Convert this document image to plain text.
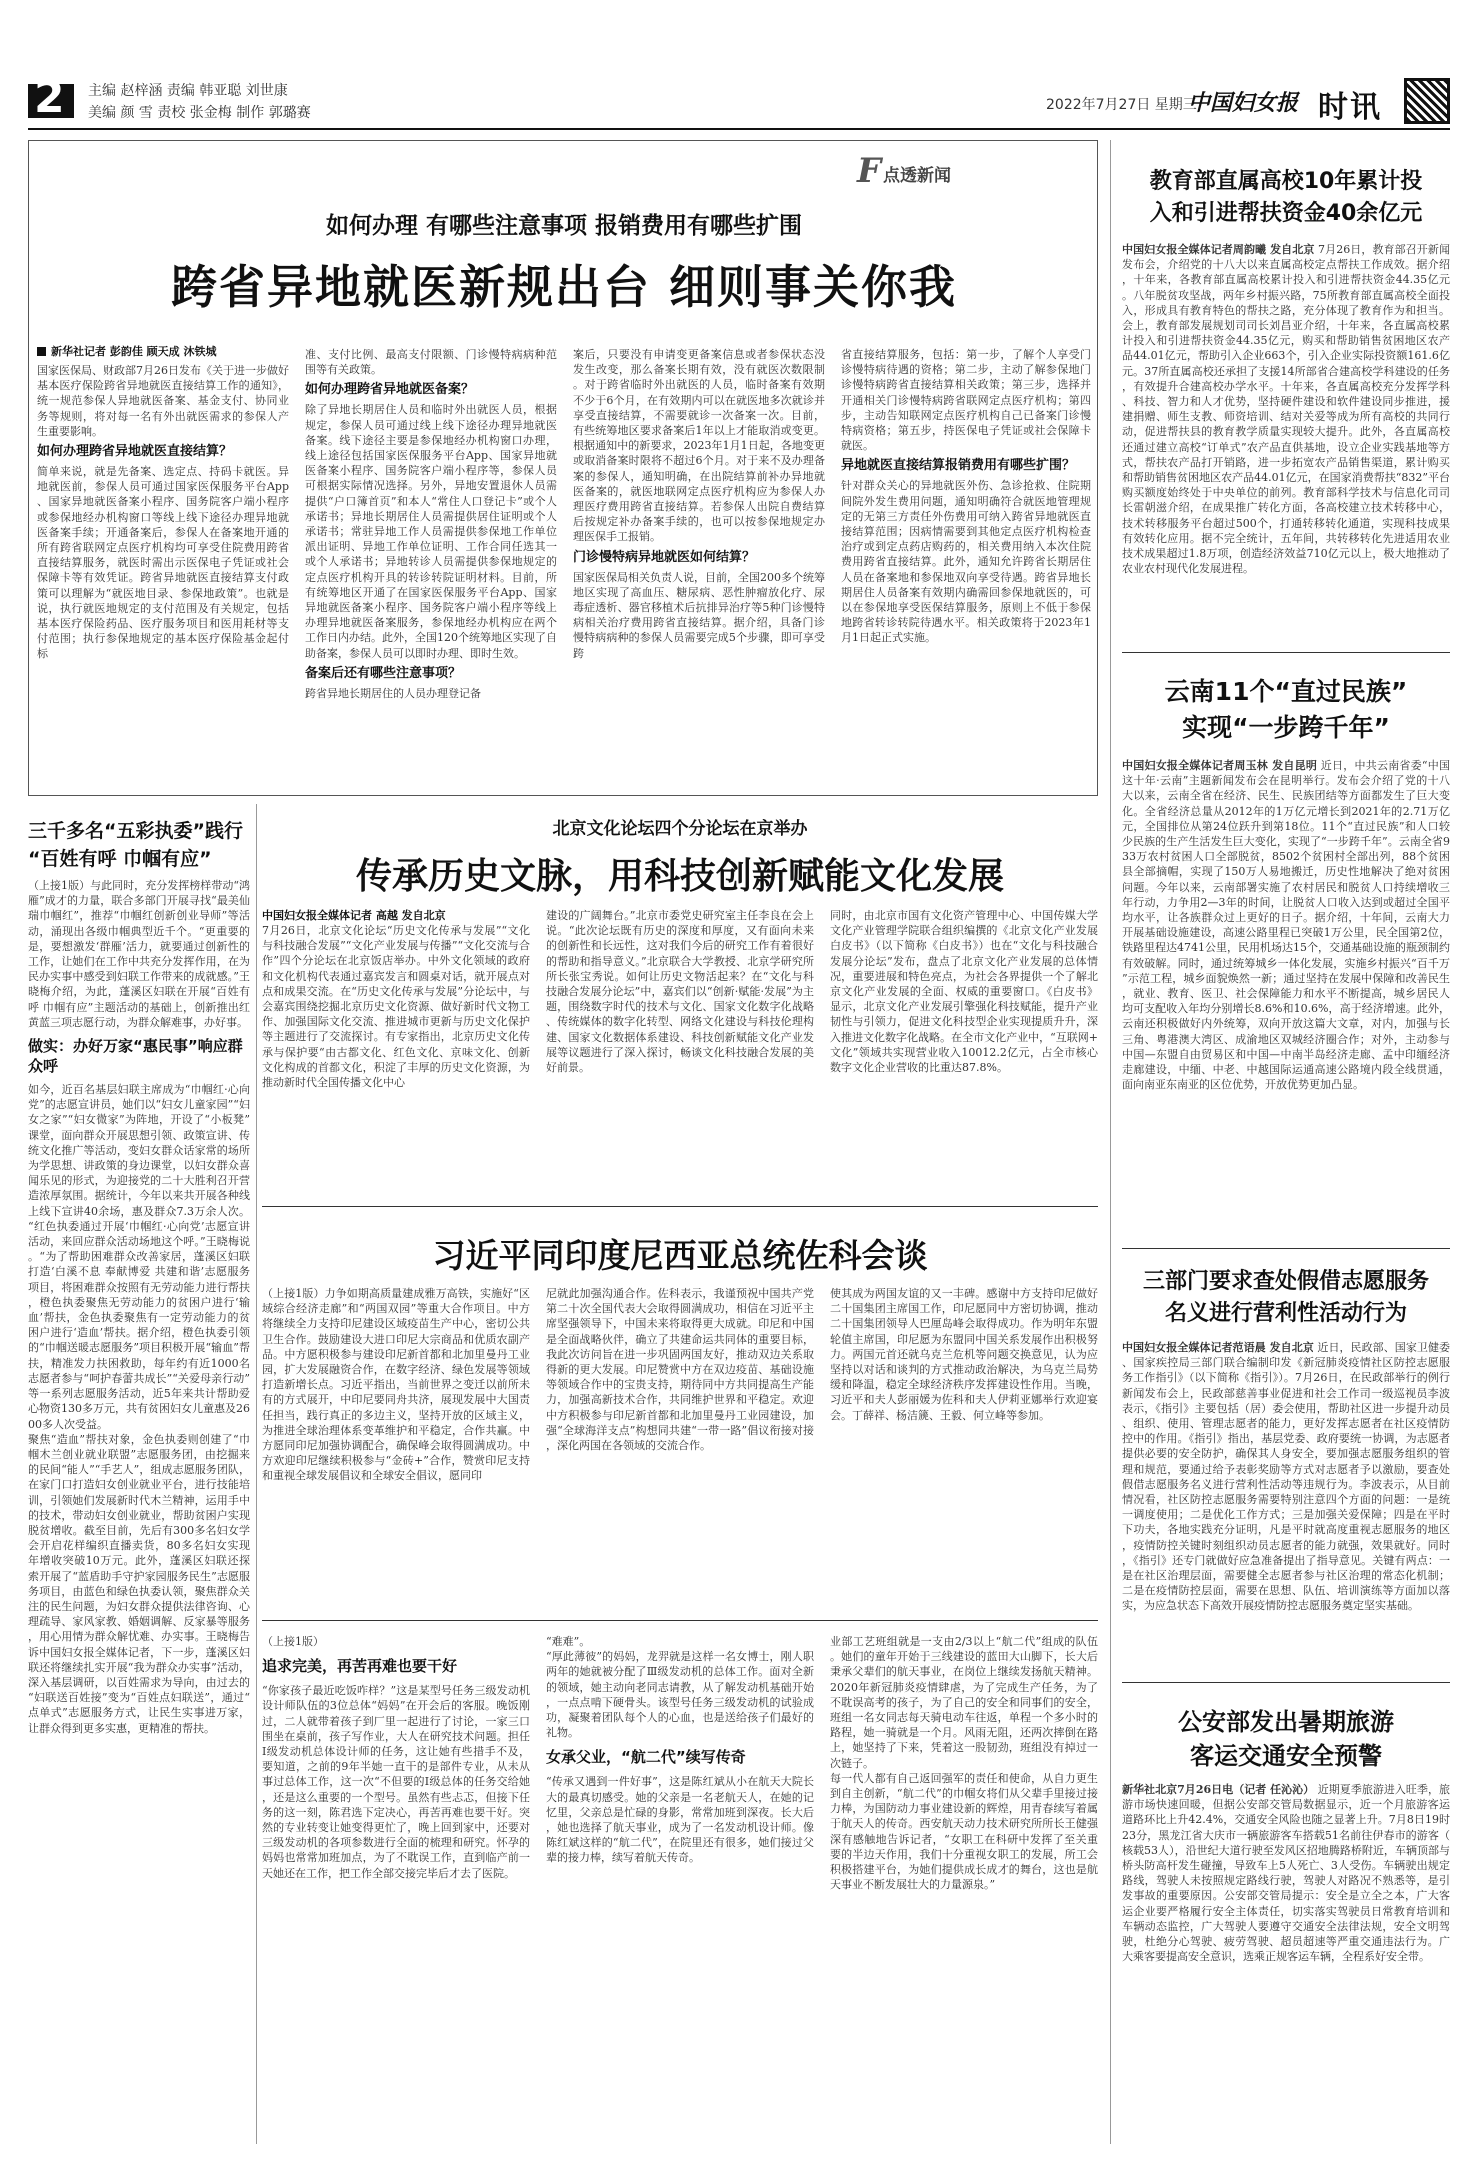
2 主编 赵梓涵 责编 韩亚聪 刘世康
美编 颜 雪 责校 张金梅 制作 郭璐赛	2022年7月27日 星期三
中国妇女报 时讯
F 点透新闻
如何办理 有哪些注意事项 报销费用有哪些扩围
跨省异地就医新规出台 细则事关你我
新华社记者 彭韵佳 顾天成 沐铁城

国家医保局、财政部7月26日发布《关于进一步做好基本医疗保险跨省异地就医直接结算工作的通知》，统一规范参保人异地就医备案、基金支付、协同业务等规则，将对每一名有外出就医需求的参保人产生重要影响。

如何办理跨省异地就医直接结算？

简单来说，就是先备案、选定点、持码卡就医。异地就医前，参保人员可通过国家医保服务平台App、国家异地就医备案小程序、国务院客户端小程序或参保地经办机构窗口等线上线下途径办理异地就医备案手续；开通备案后，参保人在备案地开通的所有跨省联网定点医疗机构均可享受住院费用跨省直接结算服务，就医时需出示医保电子凭证或社会保障卡等有效凭证。跨省异地就医直接结算支付政策可以理解为“就医地目录、参保地政策”。也就是说，执行就医地规定的支付范围及有关规定，包括基本医疗保险药品、医疗服务项目和医用耗材等支付范围；执行参保地规定的基本医疗保险基金起付标

准、支付比例、最高支付限额、门诊慢特病病种范围等有关政策。

如何办理跨省异地就医备案？

除了异地长期居住人员和临时外出就医人员，根据规定，参保人员可通过线上线下途径办理异地就医备案。线下途径主要是参保地经办机构窗口办理，线上途径包括国家医保服务平台App、国家异地就医备案小程序、国务院客户端小程序等，参保人员可根据实际情况选择。另外，异地安置退休人员需提供“户口簿首页”和本人“常住人口登记卡”或个人承诺书；异地长期居住人员需提供居住证明或个人承诺书；常驻异地工作人员需提供参保地工作单位派出证明、异地工作单位证明、工作合同任选其一或个人承诺书；异地转诊人员需提供参保地规定的定点医疗机构开具的转诊转院证明材料。目前，所有统筹地区开通了在国家医保服务平台App、国家异地就医备案小程序、国务院客户端小程序等线上办理异地就医备案服务，参保地经办机构应在两个工作日内办结。此外，全国120个统筹地区实现了自助备案，参保人员可以即时办理、即时生效。

备案后还有哪些注意事项？

跨省异地长期居住的人员办理登记备

案后，只要没有申请变更备案信息或者参保状态没发生改变，那么备案长期有效，没有就医次数限制。对于跨省临时外出就医的人员，临时备案有效期不少于6个月，在有效期内可以在就医地多次就诊并享受直接结算，不需要就诊一次备案一次。目前，有些统筹地区要求备案后1年以上才能取消或变更。根据通知中的新要求，2023年1月1日起，各地变更或取消备案时限将不超过6个月。对于来不及办理备案的参保人，通知明确，在出院结算前补办异地就医备案的，就医地联网定点医疗机构应为参保人办理医疗费用跨省直接结算。若参保人出院自费结算后按规定补办备案手续的，也可以按参保地规定办理医保手工报销。

门诊慢特病异地就医如何结算？

国家医保局相关负责人说，目前，全国200多个统筹地区实现了高血压、糖尿病、恶性肿瘤放化疗、尿毒症透析、器官移植术后抗排异治疗等5种门诊慢特病相关治疗费用跨省直接结算。据介绍，具备门诊慢特病病种的参保人员需要完成5个步骤，即可享受跨

省直接结算服务，包括：第一步，了解个人享受门诊慢特病待遇的资格；第二步，主动了解参保地门诊慢特病跨省直接结算相关政策；第三步，选择并开通相关门诊慢特病跨省联网定点医疗机构；第四步，主动告知联网定点医疗机构自己已备案门诊慢特病资格；第五步，持医保电子凭证或社会保障卡就医。

异地就医直接结算报销费用有哪些扩围？

针对群众关心的异地就医外伤、急诊抢救、住院期间院外发生费用问题，通知明确符合就医地管理规定的无第三方责任外伤费用可纳入跨省异地就医直接结算范围；因病情需要到其他定点医疗机构检查治疗或到定点药店购药的，相关费用纳入本次住院费用跨省直接结算。此外，通知允许跨省长期居住人员在备案地和参保地双向享受待遇。跨省异地长期居住人员备案有效期内确需回参保地就医的，可以在参保地享受医保结算服务，原则上不低于参保地跨省转诊转院待遇水平。相关政策将于2023年1月1日起正式实施。

三千多名“五彩执委”践行
“百姓有呼 巾帼有应”

（上接1版）与此同时，充分发挥榜样带动“鸿雁”成才的力量，联合多部门开展寻找“最美仙瑞巾帼红”，推荐“巾帼红创新创业导师”等活动，涌现出各级巾帼典型近千个。“更重要的是，要想激发‘群雁’活力，就要通过创新性的工作，让她们在工作中共充分发挥作用，在为民办实事中感受到妇联工作带来的成就感。”王晓梅介绍，为此，蓬溪区妇联在开展“百姓有呼 巾帼有应”主题活动的基础上，创新推出红黄蓝三项志愿行动，为群众解难事，办好事。

做实：办好万家“惠民事”响应群众呼

如今，近百名基层妇联主席成为“巾帼红·心向党”的志愿宣讲员，她们以“妇女儿童家园”“妇女之家”“妇女微家”为阵地，开设了“小板凳”课堂，面向群众开展思想引领、政策宣讲、传统文化推广等活动，变妇女群众话家常的场所为学思想、讲政策的身边课堂，以妇女群众喜闻乐见的形式，为迎接党的二十大胜利召开营造浓厚氛围。据统计，今年以来共开展各种线上线下宣讲40余场，惠及群众7.3万余人次。“红色执委通过开展‘巾帼红·心向党’志愿宣讲活动，来回应群众活动场地这个呼。”王晓梅说。“为了帮助困难群众改善家居，蓬溪区妇联打造‘白溪不息 奉献博爱 共建和谐’志愿服务项目，将困难群众按照有无劳动能力进行帮扶，橙色执委聚焦无劳动能力的贫困户进行‘输血’帮扶，金色执委聚焦有一定劳动能力的贫困户进行‘造血’帮扶。据介绍，橙色执委引领的“巾帼送暖志愿服务”项目积极开展“输血”帮扶，精准发力扶困救助，每年约有近1000名志愿者参与“呵护春蕾共成长”“关爱母亲行动”等一系列志愿服务活动，近5年来共计帮助爱心物资130多万元，共有贫困妇女儿童惠及2600多人次受益。

聚焦“造血”帮扶对象，金色执委则创建了“巾帼木兰创业就业联盟”志愿服务团，由挖掘来的民间“能人”“手艺人”，组成志愿服务团队，在家门口打造妇女创业就业平台，进行技能培训，引领她们发展新时代木兰精神，运用手中的技术，带动妇女创业就业，帮助贫困户实现脱贫增收。截至目前，先后有300多名妇女学会开启花样编织直播卖货，80多名妇女实现年增收突破10万元。此外，蓬溪区妇联还探索开展了“蓝盾助手守护家园服务民生”志愿服务项目，由蓝色和绿色执委认领，聚焦群众关注的民生问题，为妇女群众提供法律咨询、心理疏导、家风家教、婚姻调解、反家暴等服务，用心用情为群众解忧难、办实事。王晓梅告诉中国妇女报全媒体记者，下一步，蓬溪区妇联还将继续扎实开展“我为群众办实事”活动，深入基层调研，以百姓需求为导向，由过去的“妇联送百姓接”变为“百姓点妇联送”，通过“点单式”志愿服务方式，让民生实事进万家，让群众得到更多实惠，更精准的帮扶。

北京文化论坛四个分论坛在京举办
传承历史文脉，用科技创新赋能文化发展

中国妇女报全媒体记者 高越 发自北京

7月26日，北京文化论坛“历史文化传承与发展”“文化与科技融合发展”“文化产业发展与传播”“文化交流与合作”四个分论坛在北京饭店举办。中外文化领域的政府和文化机构代表通过嘉宾发言和圆桌对话，就开展点对点和成果交流。在“历史文化传承与发展”分论坛中，与会嘉宾围绕挖掘北京历史文化资源、做好新时代文物工作、加强国际文化交流、推进城市更新与历史文化保护等主题进行了交流探讨。有专家指出，北京历史文化传承与保护要“由古都文化、红色文化、京味文化、创新文化构成的首都文化，积淀了丰厚的历史文化资源，为推动新时代全国传播文化中心

建设的广阔舞台。”北京市委党史研究室主任李良在会上说。“此次论坛既有历史的深度和厚度，又有面向未来的创新性和长远性，这对我们今后的研究工作有着很好的帮助和指导意义。”北京联合大学教授、北京学研究所所长张宝秀说。如何让历史文物活起来？在“文化与科技融合发展分论坛”中，嘉宾们以“创新·赋能·发展”为主题，围绕数字时代的技术与文化、国家文化数字化战略、传统媒体的数字化转型、网络文化建设与科技伦理构建、国家文化数据体系建设、科技创新赋能文化产业发展等议题进行了深入探讨，畅谈文化科技融合发展的美好前景。

同时，由北京市国有文化资产管理中心、中国传媒大学文化产业管理学院联合组织编撰的《北京文化产业发展白皮书》（以下简称《白皮书》）也在“文化与科技融合发展分论坛”发布，盘点了北京文化产业发展的总体情况，重要进展和特色亮点，为社会各界提供一个了解北京文化产业发展的全面、权威的重要窗口。《白皮书》显示，北京文化产业发展引擎强化科技赋能，提升产业韧性与引领力，促进文化科技型企业实现提质升升，深入推进文化数字化战略。在全市文化产业中，“互联网+文化”领域共实现营业收入10012.2亿元，占全市核心数字文化企业营收的比重达87.8%。

习近平同印度尼西亚总统佐科会谈

（上接1版）力争如期高质量建成雅万高铁，实施好“区域综合经济走廊”和“两国双园”等重大合作项目。中方将继续全力支持印尼建设区域疫苗生产中心，密切公共卫生合作。鼓励建设大进口印尼大宗商品和优质农副产品。中方愿积极参与建设印尼新首都和北加里曼丹工业园，扩大发展融资合作，在数字经济、绿色发展等领域打造新增长点。习近平指出，当前世界之变迁以前所未有的方式展开，中印尼要同舟共济，展现发展中大国责任担当，践行真正的多边主义，坚持开放的区域主义，为推进全球治理体系变革维护和平稳定，合作共赢。中方愿同印尼加强协调配合，确保峰会取得圆满成功。中方欢迎印尼继续积极参与“金砖+”合作，赞赏印尼支持和重视全球发展倡议和全球安全倡议，愿同印

尼就此加强沟通合作。佐科表示，我谨预祝中国共产党第二十次全国代表大会取得圆满成功，相信在习近平主席坚强领导下，中国未来将取得更大成就。印尼和中国是全面战略伙伴，确立了共建命运共同体的重要目标，我此次访问旨在进一步巩固两国友好，推动双边关系取得新的更大发展。印尼赞赏中方在双边疫苗、基础设施等领域合作中的宝贵支持，期待同中方共同提高生产能力，加强高新技术合作，共同维护世界和平稳定。欢迎中方积极参与印尼新首都和北加里曼丹工业园建设，加强“全球海洋支点”构想同共建“一带一路”倡议衔接对接，深化两国在各领域的交流合作。

使其成为两国友谊的又一丰碑。感谢中方支持印尼做好二十国集团主席国工作，印尼愿同中方密切协调，推动二十国集团领导人巴厘岛峰会取得成功。作为明年东盟轮值主席国，印尼愿为东盟同中国关系发展作出积极努力。两国元首还就乌克兰危机等问题交换意见，认为应坚持以对话和谈判的方式推动政治解决，为乌克兰局势缓和降温，稳定全球经济秩序发挥建设性作用。当晚，习近平和夫人彭丽媛为佐科和夫人伊莉亚娜举行欢迎宴会。丁薛祥、杨洁篪、王毅、何立峰等参加。

（上接1版）

追求完美，再苦再难也要干好

“你家孩子最近吃饭咋样？”这是某型号任务三级发动机设计师队伍的3位总体“妈妈”在开会后的客服。晚饭刚过，二人就带着孩子到厂里一起进行了讨论，一家三口围坐在桌前，孩子写作业，大人在研究技术问题。担任Ⅰ级发动机总体设计师的任务，这让她有些措手不及，要知道，之前的9年半她一直干的是部件专业，从未从事过总体工作，这一次“不但要的Ⅰ级总体的任务交给她，还是这么重要的一个型号。虽然有些忐忑，但接下任务的这一刻，陈君选下定决心，再苦再难也要干好。突然的专业转变让她变得更忙了，晚上回到家中，还要对三级发动机的各项参数进行全面的梳理和研究。怀孕的妈妈也常常加班加点，为了不耽误工作，直到临产前一天她还在工作，把工作全部交接完毕后才去了医院。

“难难”。

“厚此薄彼”的妈妈，龙羿就是这样一名女博士，刚人职两年的她就被分配了Ⅲ级发动机的总体工作。面对全新的领域，她主动向老同志请教，从了解发动机基础开始，一点点啃下硬骨头。该型号任务三级发动机的试验成功，凝聚着团队每个人的心血，也是送给孩子们最好的礼物。

女承父业，“航二代”续写传奇

“传承又遇到一件好事”，这是陈红斌从小在航天大院长大的最真切感受。她的父亲是一名老航天人，在她的记忆里，父亲总是忙碌的身影，常常加班到深夜。长大后，她也选择了航天事业，成为了一名发动机设计师。像陈红斌这样的“航二代”，在院里还有很多，她们接过父辈的接力棒，续写着航天传奇。

业部工艺班组就是一支由2/3以上“航二代”组成的队伍。她们的童年开始于三线建设的蓝田大山脚下，长大后秉承父辈们的航天事业，在岗位上继续发扬航天精神。2020年新冠肺炎疫情肆虐，为了完成生产任务，为了不耽误高考的孩子，为了自己的安全和同事们的安全，班组一名女同志每天骑电动车往返，单程一个多小时的路程，她一骑就是一个月。风雨无阻，还两次摔倒在路上，她坚持了下来，凭着这一股韧劲，班组没有掉过一次链子。

每一代人都有自己返回强军的责任和使命，从自力更生到自主创新，“航二代”的巾帼女将们从父辈手里接过接力棒，为国防动力事业建设新的辉煌，用青春续写着属于航天人的传奇。西安航天动力技术研究所所长王健强深有感触地告诉记者，“女职工在科研中发挥了至关重要的半边天作用，我们十分重视女职工的发展，所工会积极搭建平台，为她们提供成长成才的舞台，这也是航天事业不断发展壮大的力量源泉。”

教育部直属高校10年累计投
入和引进帮扶资金40余亿元

中国妇女报全媒体记者周韵曦 发自北京 7月26日，教育部召开新闻发布会，介绍党的十八大以来直属高校定点帮扶工作成效。据介绍，十年来，各教育部直属高校累计投入和引进帮扶资金44.35亿元。八年脱贫攻坚战，两年乡村振兴路，75所教育部直属高校全面投入，形成具有教育特色的帮扶之路，充分体现了教育作为和担当。会上，教育部发展规划司司长刘昌亚介绍，十年来，各直属高校累计投入和引进帮扶资金44.35亿元，购买和帮助销售贫困地区农产品44.01亿元，帮助引入企业663个，引入企业实际投资额161.6亿元。37所直属高校还承担了支援14所部省合建高校学科建设的任务，有效提升合建高校办学水平。十年来，各直属高校充分发挥学科、科技、智力和人才优势，坚持硬件建设和软件建设同步推进，援建捐赠、师生支教、师资培训、结对关爱等成为所有高校的共同行动，促进帮扶县的教育教学质量实现较大提升。此外，各直属高校还通过建立高校“订单式”农产品直供基地，设立企业实践基地等方式，帮扶农产品打开销路，进一步拓宽农产品销售渠道，累计购买和帮助销售贫困地区农产品44.01亿元，在国家消费帮扶“832”平台购买额度始终处于中央单位的前列。教育部科学技术与信息化司司长雷朝滋介绍，在成果推广转化方面，各高校建立技术转移中心，技术转移服务平台超过500个，打通转移转化通道，实现科技成果有效转化应用。据不完全统计，五年间，共转移转化先进适用农业技术成果超过1.8万项，创造经济效益710亿元以上，极大地推动了农业农村现代化发展进程。

云南11个“直过民族”
实现“一步跨千年”

中国妇女报全媒体记者周玉林 发自昆明 近日，中共云南省委“中国这十年·云南”主题新闻发布会在昆明举行。发布会介绍了党的十八大以来，云南全省在经济、民生、民族团结等方面都发生了巨大变化。全省经济总量从2012年的1万亿元增长到2021年的2.71万亿元，全国排位从第24位跃升到第18位。11个“直过民族”和人口较少民族的生产生活发生巨大变化，实现了“一步跨千年”。云南全省933万农村贫困人口全部脱贫，8502个贫困村全部出列，88个贫困县全部摘帽，实现了150万人易地搬迁，历史性地解决了绝对贫困问题。今年以来，云南部署实施了农村居民和脱贫人口持续增收三年行动，力争用2—3年的时间，让脱贫人口收入达到或超过全国平均水平，让各族群众过上更好的日子。据介绍，十年间，云南大力开展基础设施建设，高速公路里程已突破1万公里，民全国第2位，铁路里程达4741公里，民用机场达15个，交通基础设施的瓶颈制约有效破解。同时，通过统筹城乡一体化发展，实施乡村振兴“百千万”示范工程，城乡面貌焕然一新；通过坚持在发展中保障和改善民生，就业、教育、医卫、社会保障能力和水平不断提高，城乡居民人均可支配收入年均分别增长8.6%和10.6%，高于经济增速。此外，云南还积极做好内外统筹，双向开放这篇大文章，对内，加强与长三角、粤港澳大湾区、成渝地区双城经济圈合作；对外，主动参与中国—东盟自由贸易区和中国—中南半岛经济走廊、孟中印缅经济走廊建设，中缅、中老、中越国际运通高速公路境内段全线贯通，面向南亚东南亚的区位优势，开放优势更加凸显。

三部门要求查处假借志愿服务
名义进行营利性活动行为

中国妇女报全媒体记者范语晨 发自北京 近日，民政部、国家卫健委、国家疾控局三部门联合编制印发《新冠肺炎疫情社区防控志愿服务工作指引》（以下简称《指引》）。7月26日，在民政部举行的例行新闻发布会上，民政部慈善事业促进和社会工作司一级巡视员李波表示，《指引》主要包括（居）委会使用，帮助社区进一步提升动员、组织、使用、管理志愿者的能力，更好发挥志愿者在社区疫情防控中的作用。《指引》指出，基层党委、政府要统一协调，为志愿者提供必要的安全防护，确保其人身安全，要加强志愿服务组织的管理和规范，要通过给予表彰奖励等方式对志愿者予以激励，要查处假借志愿服务名义进行营利性活动等违规行为。李波表示，从目前情况看，社区防控志愿服务需要特别注意四个方面的问题：一是统一调度使用；二是优化工作方式；三是加强关爱保障；四是在平时下功夫，各地实践充分证明，凡是平时就高度重视志愿服务的地区，疫情防控关键时刻组织动员志愿者的能力就强，效果就好。同时，《指引》还专门就做好应急准备提出了指导意见。关键有两点：一是在社区治理层面，需要健全志愿者参与社区治理的常态化机制；二是在疫情防控层面，需要在思想、队伍、培训演练等方面加以落实，为应急状态下高效开展疫情防控志愿服务奠定坚实基础。

公安部发出暑期旅游
客运交通安全预警

新华社北京7月26日电（记者 任沁沁） 近期夏季旅游进入旺季，旅游市场快速回暖，但据公安部交管局数据显示，近一个月旅游客运道路环比上升42.4%，交通安全风险也随之显著上升。7月8日19时23分，黑龙江省大庆市一辆旅游客车搭载51名前往伊春市的游客（核载53人），沿世纪大道行驶至发风区招地腾路桥附近，车辆顶部与桥头防高杆发生碰撞，导致车上5人死亡、3人受伤。车辆驶出规定路线，驾驶人未按照规定路线行驶，驾驶人对路况不熟悉等，是引发事故的重要原因。公安部交管局提示：安全是立全之本，广大客运企业要严格履行安全主体责任，切实落实驾驶员日常教育培训和车辆动态监控，广大驾驶人要遵守交通安全法律法规，安全文明驾驶，杜绝分心驾驶、疲劳驾驶、超员超速等严重交通违法行为。广大乘客要提高安全意识，选乘正规客运车辆，全程系好安全带。
